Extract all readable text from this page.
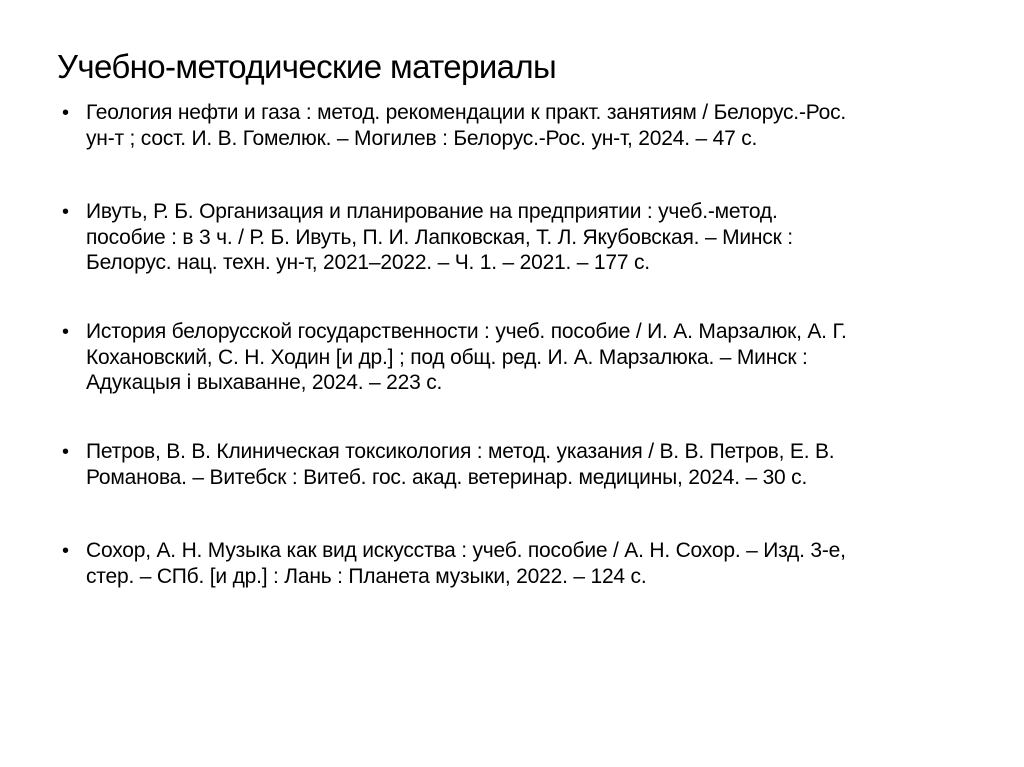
Учебно-методические материалы
• Геология нефти и газа : метод. рекомендации к практ. занятиям / Белорус.-Рос.
ун-т ; сост. И. В. Гомелюк. – Могилев : Белорус.-Рос. ун-т, 2024. – 47 с.
• Ивуть, Р. Б. Организация и планирование на предприятии : учеб.-метод.
пособие : в 3 ч. / Р. Б. Ивуть, П. И. Лапковская, Т. Л. Якубовская. – Минск :
Белорус. нац. техн. ун-т, 2021–2022. – Ч. 1. – 2021. – 177 с.
• История белорусской государственности : учеб. пособие / И. А. Марзалюк, А. Г.
Кохановский, С. Н. Ходин [и др.] ; под общ. ред. И. А. Марзалюка. – Минск :
Адукацыя і выхаванне, 2024. – 223 с.
• Петров, В. В. Клиническая токсикология : метод. указания / В. В. Петров, Е. В.
Романова. – Витебск : Витеб. гос. акад. ветеринар. медицины, 2024. – 30 с.
• Сохор, А. Н. Музыка как вид искусства : учеб. пособие / А. Н. Сохор. – Изд. 3-е,
стер. – СПб. [и др.] : Лань : Планета музыки, 2022. – 124 с.
